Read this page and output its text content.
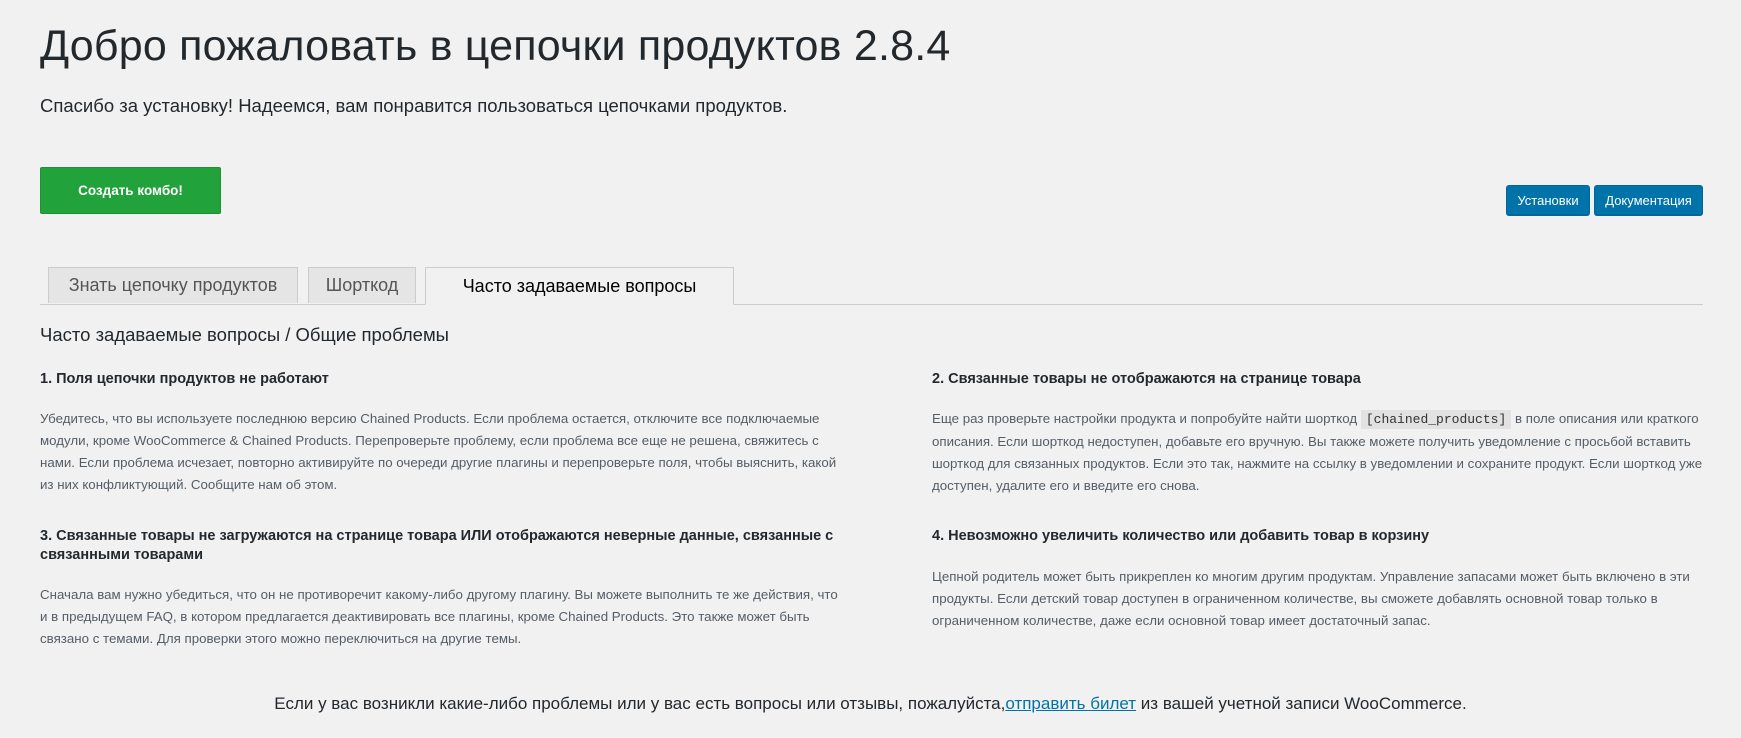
Добро пожаловать в цепочки продуктов 2.8.4
Спасибо за установку! Надеемся, вам понравится пользоваться цепочками продуктов.
Создать комбо!
Установки	Документация
Знать цепочку продуктов	Шорткод	Часто задаваемые вопросы
Часто задаваемые вопросы / Общие проблемы
1. Поля цепочки продуктов не работают
Убедитесь, что вы используете последнюю версию Chained Products. Если проблема остается, отключите все подключаемые модули, кроме WooCommerce & Chained Products. Перепроверьте проблему, если проблема все еще не решена, свяжитесь с нами. Если проблема исчезает, повторно активируйте по очереди другие плагины и перепроверьте поля, чтобы выяснить, какой из них конфликтующий. Сообщите нам об этом.
2. Связанные товары не отображаются на странице товара
Еще раз проверьте настройки продукта и попробуйте найти шорткод [chained_products] в поле описания или краткого описания. Если шорткод недоступен, добавьте его вручную. Вы также можете получить уведомление с просьбой вставить шорткод для связанных продуктов. Если это так, нажмите на ссылку в уведомлении и сохраните продукт. Если шорткод уже доступен, удалите его и введите его снова.
3. Связанные товары не загружаются на странице товара ИЛИ отображаются неверные данные, связанные с связанными товарами
Сначала вам нужно убедиться, что он не противоречит какому-либо другому плагину. Вы можете выполнить те же действия, что и в предыдущем FAQ, в котором предлагается деактивировать все плагины, кроме Chained Products. Это также может быть связано с темами. Для проверки этого можно переключиться на другие темы.
4. Невозможно увеличить количество или добавить товар в корзину
Цепной родитель может быть прикреплен ко многим другим продуктам. Управление запасами может быть включено в эти продукты. Если детский товар доступен в ограниченном количестве, вы сможете добавлять основной товар только в ограниченном количестве, даже если основной товар имеет достаточный запас.
Если у вас возникли какие-либо проблемы или у вас есть вопросы или отзывы, пожалуйста,отправить билет из вашей учетной записи WooCommerce.
